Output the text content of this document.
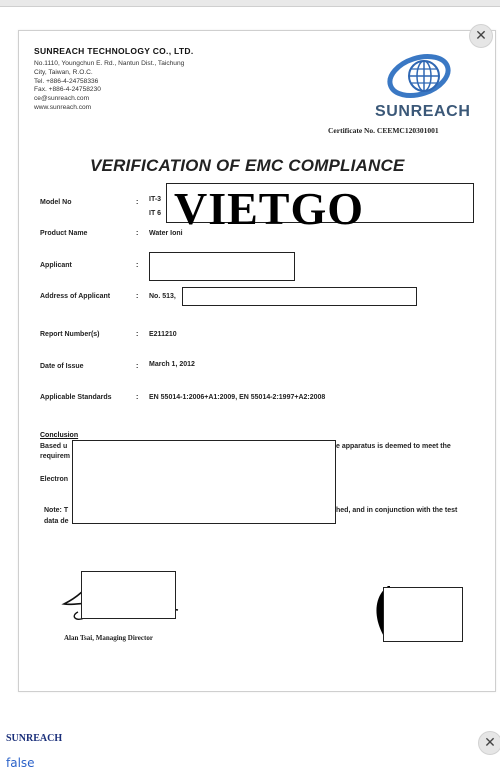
✕
SUNREACH TECHNOLOGY CO., LTD.
No.1110, Youngchun E. Rd., Nantun Dist., Taichung
City, Taiwan, R.O.C.
Tel. +886-4-24758336
Fax. +886-4-24758230
ce@sunreach.com
www.sunreach.com	SUNREACH
Certificate No. CEEMC120301001
VERIFICATION OF EMC COMPLIANCE
Model No	: IT-3
IT 6
Product Name	: Water Ioni
VIETGO
Applicant	:
Address of Applicant	: No. 513,
Report Number(s)	: E211210
Date of Issue	: March 1, 2012
Applicable Standards	: EN 55014-1:2006+A1:2009, EN 55014-2:1997+A2:2008
Conclusion
Based u
requirem
e apparatus is deemed to meet the
Electron
Note: T
data de
hed, and in conjunction with the test
Alan Tsai, Managing Director
SUNREACH
false
✕
